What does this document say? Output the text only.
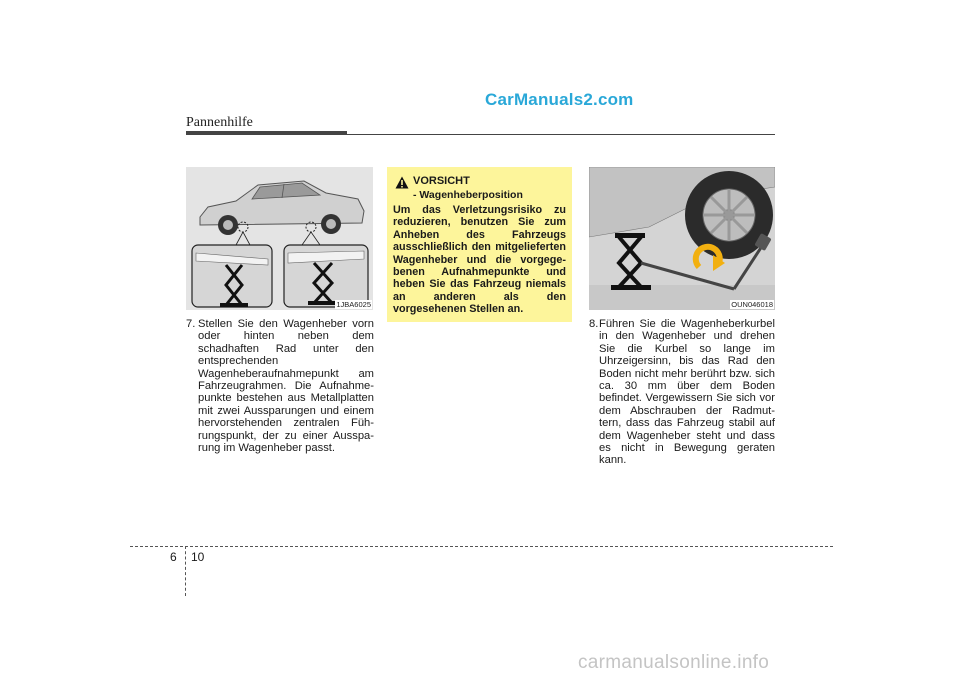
CarManuals2.com
Pannenhilfe
1JBA6025
7. Stellen Sie den Wagenheber vorn oder hinten neben dem schadhaften Rad unter den entsprechenden Wagenheberaufnahmepunkt am Fahrzeugrahmen. Die Aufnahme-punkte bestehen aus Metallplatten mit zwei Aussparungen und einem hervorstehenden zentralen Füh-rungspunkt, der zu einer Ausspa-rung im Wagenheber passt.
VORSICHT
- Wagenheberposition
Um das Verletzungsrisiko zu reduzieren, benutzen Sie zum Anheben des Fahrzeugs ausschließlich den mitgelieferten Wagenheber und die vorgege-benen Aufnahmepunkte und heben Sie das Fahrzeug niemals an anderen als den vorgesehenen Stellen an.	OUN046018
8. Führen Sie die Wagenheberkurbel in den Wagenheber und drehen Sie die Kurbel so lange im Uhrzeigersinn, bis das Rad den Boden nicht mehr berührt bzw. sich ca. 30 mm über dem Boden befindet. Vergewissern Sie sich vor dem Abschrauben der Radmut-tern, dass das Fahrzeug stabil auf dem Wagenheber steht und dass es nicht in Bewegung geraten kann.
6 10
carmanualsonline.info
